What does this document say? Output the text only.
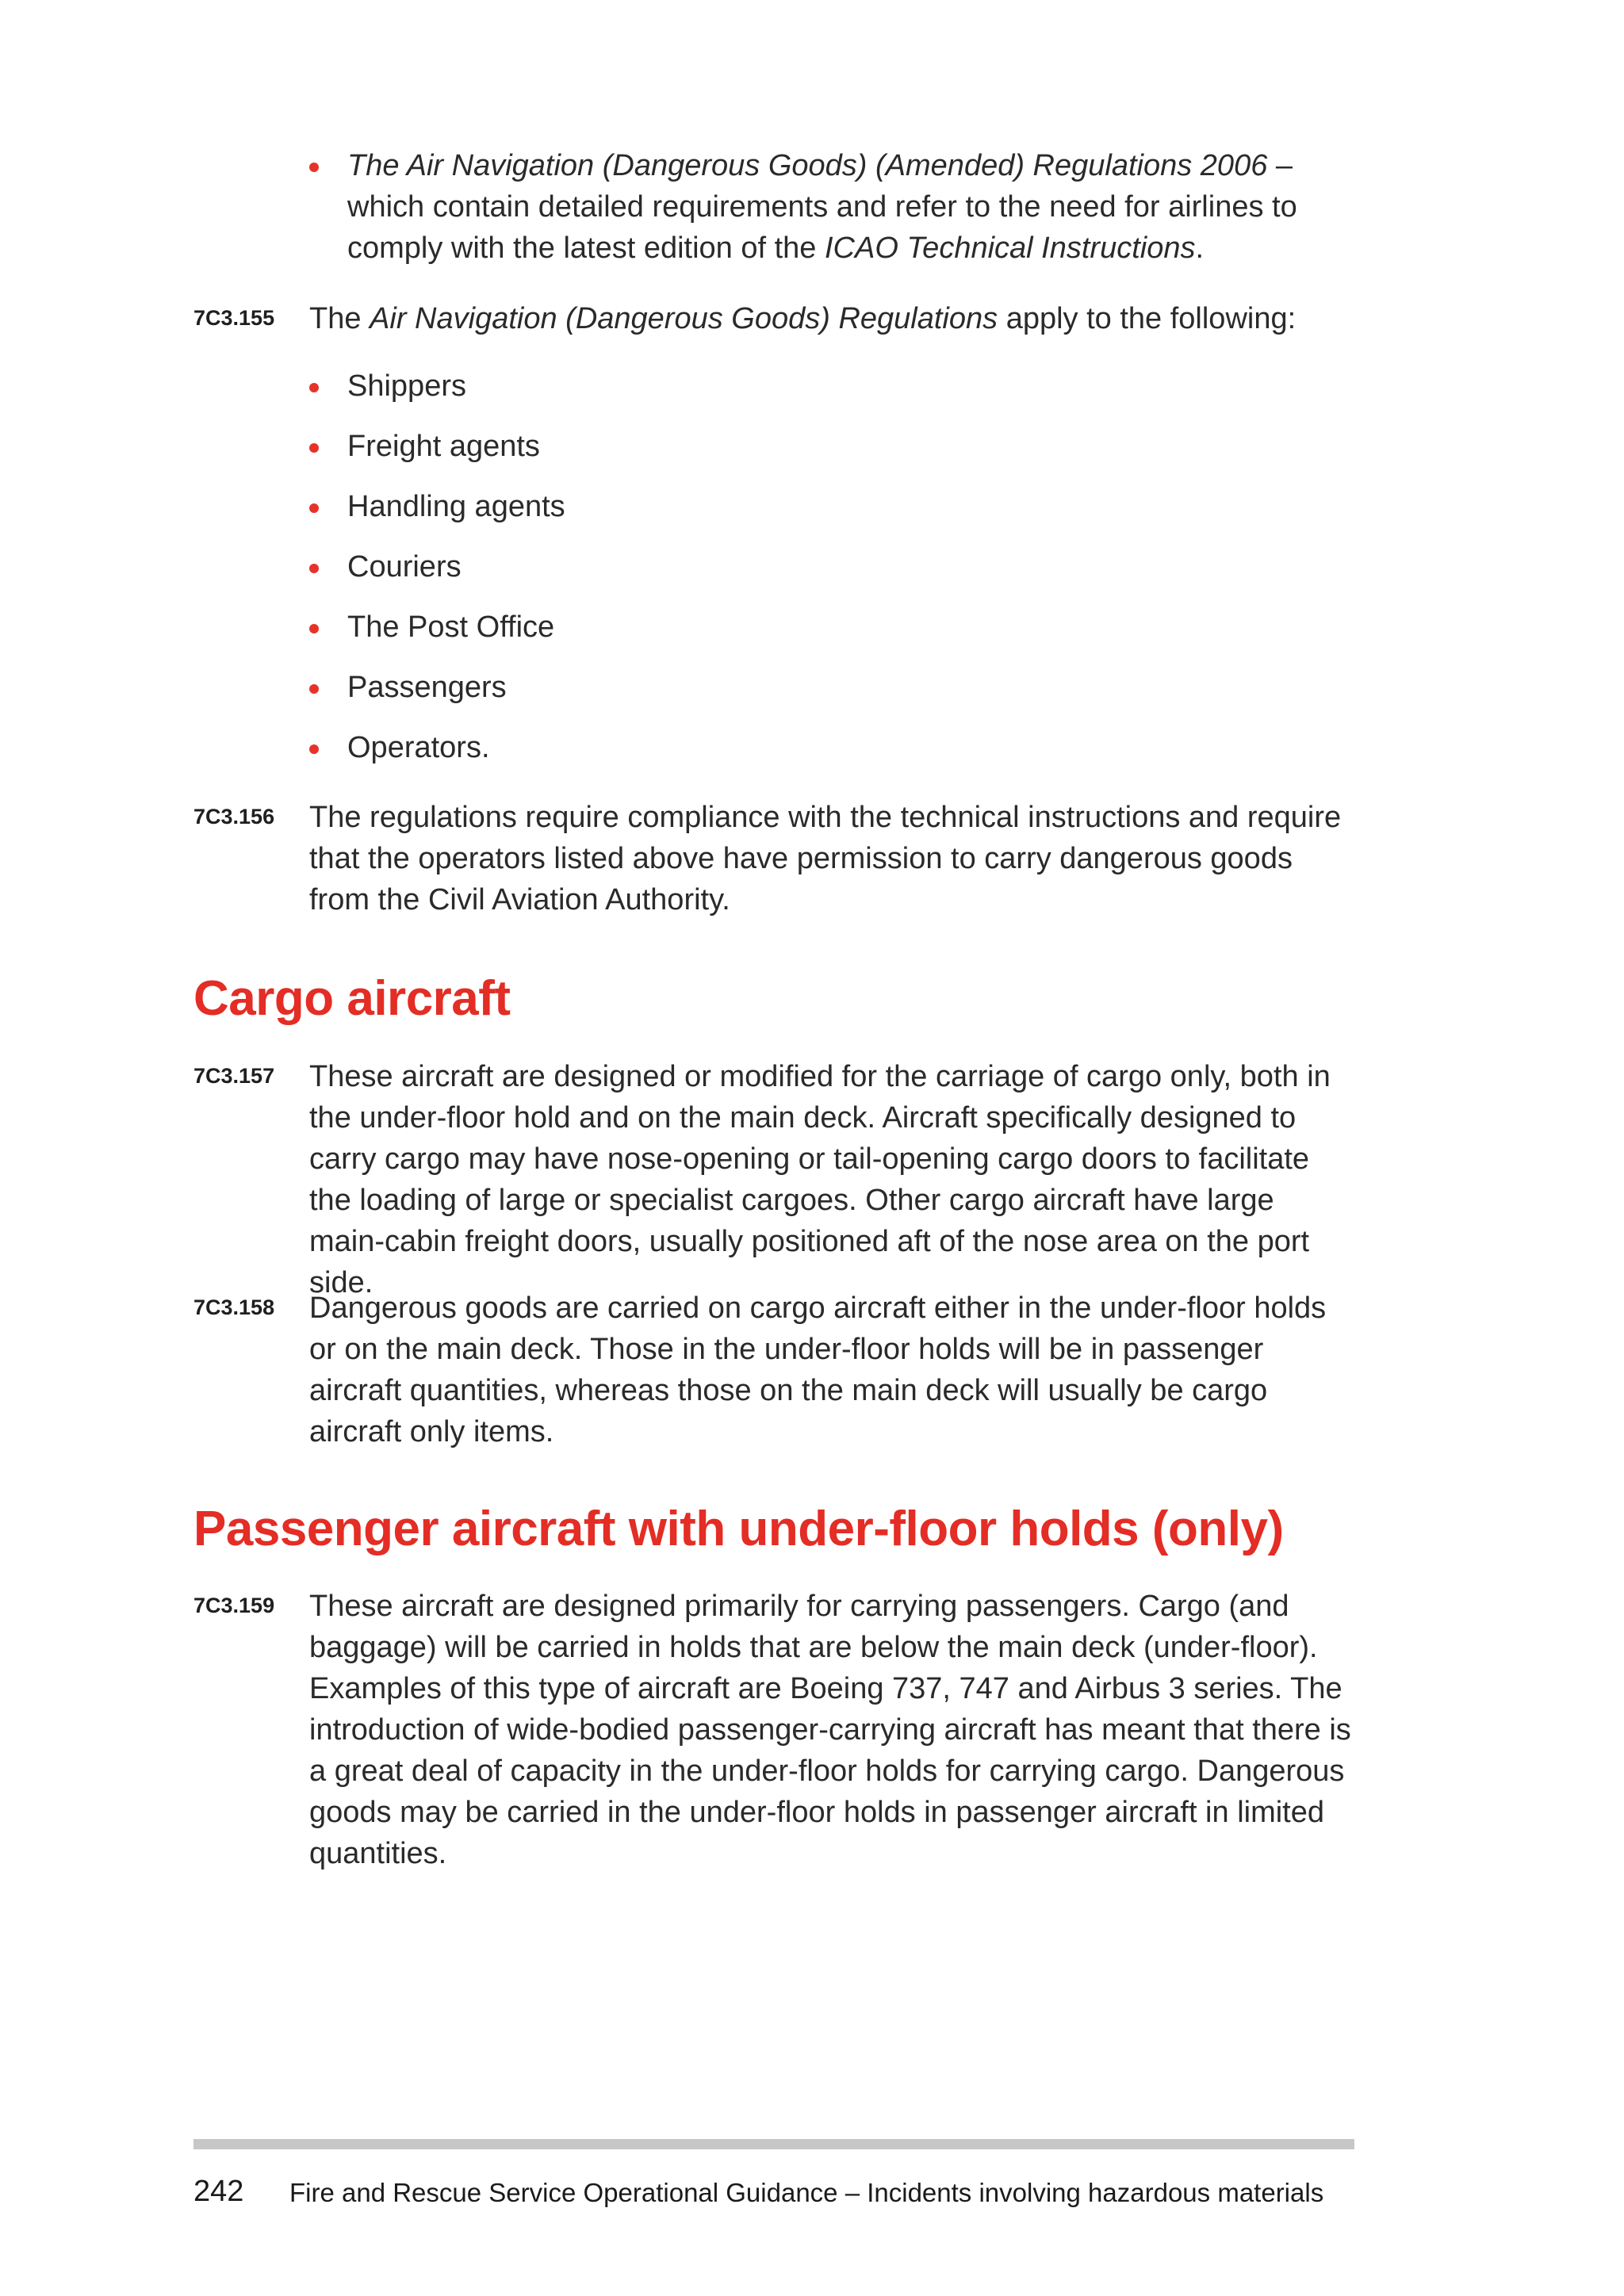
The Air Navigation (Dangerous Goods) (Amended) Regulations 2006 – which contain detailed requirements and refer to the need for airlines to comply with the latest edition of the ICAO Technical Instructions.
7C3.155 The Air Navigation (Dangerous Goods) Regulations apply to the following:
Shippers
Freight agents
Handling agents
Couriers
The Post Office
Passengers
Operators.
7C3.156 The regulations require compliance with the technical instructions and require that the operators listed above have permission to carry dangerous goods from the Civil Aviation Authority.
Cargo aircraft
7C3.157 These aircraft are designed or modified for the carriage of cargo only, both in the under-floor hold and on the main deck. Aircraft specifically designed to carry cargo may have nose-opening or tail-opening cargo doors to facilitate the loading of large or specialist cargoes. Other cargo aircraft have large main-cabin freight doors, usually positioned aft of the nose area on the port side.
7C3.158 Dangerous goods are carried on cargo aircraft either in the under-floor holds or on the main deck. Those in the under-floor holds will be in passenger aircraft quantities, whereas those on the main deck will usually be cargo aircraft only items.
Passenger aircraft with under-floor holds (only)
7C3.159 These aircraft are designed primarily for carrying passengers. Cargo (and baggage) will be carried in holds that are below the main deck (under-floor). Examples of this type of aircraft are Boeing 737, 747 and Airbus 3 series. The introduction of wide-bodied passenger-carrying aircraft has meant that there is a great deal of capacity in the under-floor holds for carrying cargo. Dangerous goods may be carried in the under-floor holds in passenger aircraft in limited quantities.
242 Fire and Rescue Service Operational Guidance – Incidents involving hazardous materials
